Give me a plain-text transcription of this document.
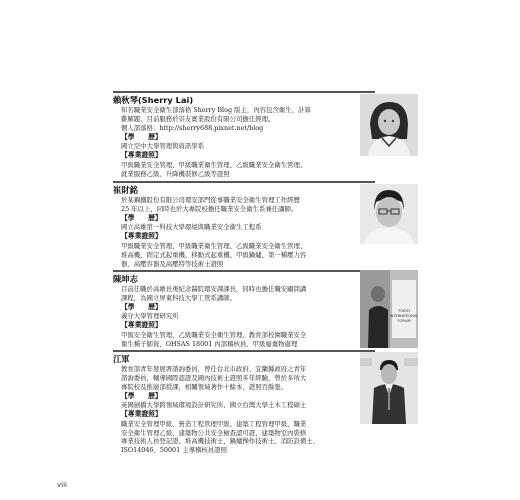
賴秋琴(Sherry Lai)

知名職業安全衛生部落格 Sherry Blog 版主，內容包含衛生、計算

雞解題，目前服務於崇友實業股份有限公司擔任經理。

個人部落格：http://sherry688.pixnet.net/blog

【學　　歷】

國立空中大學管理與資訊學系

【專業證照】

甲級職業安全管理、甲級職業衛生管理、乙級職業安全衛生管理、

就業服務乙級、升降機裝修乙級等證照

崔財銘

於某鋼鐵股份有限公司環安部門從事職業安全衛生管理工作經歷

25 年以上，同時也於大專院校擔任職業安全衛生系兼任講師。

【學　　歷】

國立高雄第一科技大學環境與職業安全衛生工程系

【專業證照】

甲級職業安全管理、甲級職業衛生管理、乙級職業安全衛生管理、

堆高機、固定式起重機、移動式起重機、甲級鍋爐、第一種壓力容

器、高壓容器及高壓特等技術士證照

陳坤志

目前任職於高雄長庚紀念醫院環安課課長，同時也擔任職安顧問講

課程，為國立屏東科技大學工管系講師。

【學　　歷】

義守大學管理研究所

【專業證照】

甲級安全衛生管理、乙級職業安全衛生管理、教育部校園職業安全

衛生種子師資、OHSAS 18001 內部稽核員、甲級廢棄物處理

TOKYO
INTERNATIONAL
FORUM
江軍

教育部青年發展署諮詢委員，曾任台北市政府、宜蘭縣政府之青年

諮詢委員，輔導國際認證及國內技術士證照多年經驗，曾於多所大

專院校及推廣部授課，相關領域著作十餘本，證照百餘張。

【學　　歷】

英國劍橋大學跨領域環境設計研究所、國立台灣大學土木工程碩士

【專業證照】

職業安全管理甲級、營造工程管理甲級、建築工程管理甲級、職業

安全衛生管理乙級、建築物公共安全檢查認可證、建築物室內裝修

專業技術人員登記證、堆高機技術士、鍋爐操作技術士、消防設備士、

ISO14046、50001 主導稽核員證照

viii
